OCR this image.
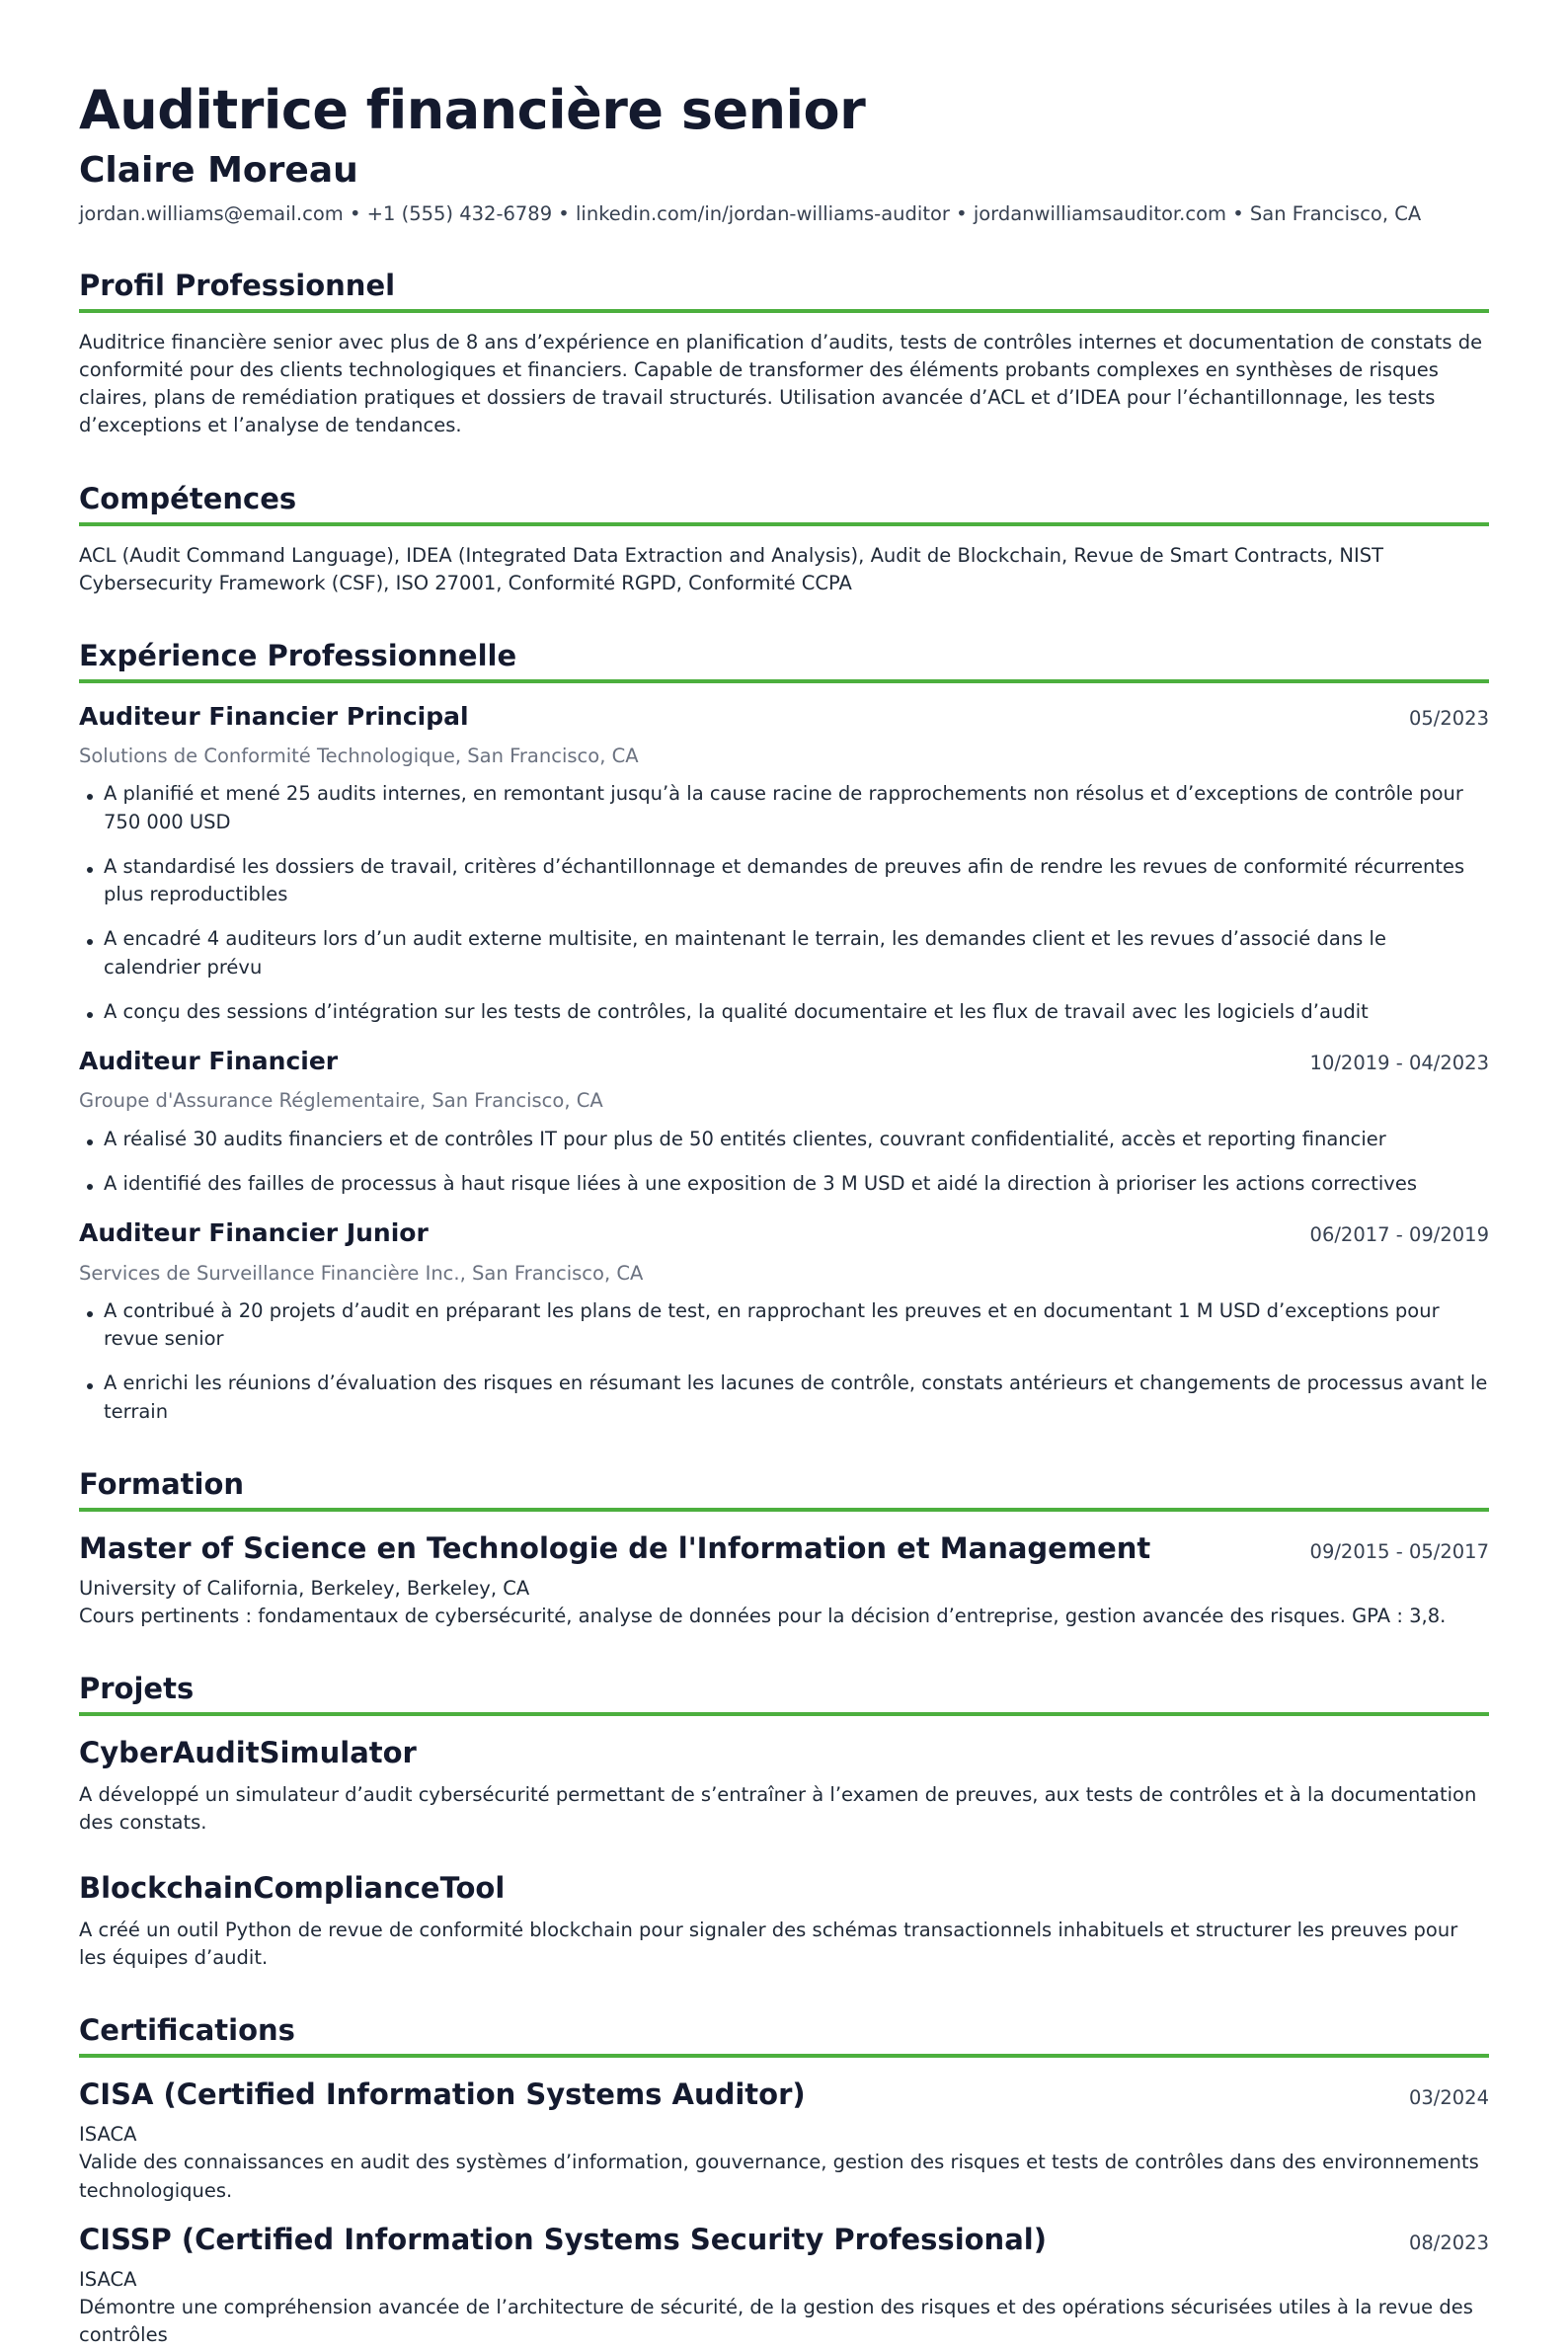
Auditrice financière senior
Claire Moreau
jordan.williams@email.com • +1 (555) 432-6789 • linkedin.com/in/jordan-williams-auditor • jordanwilliamsauditor.com • San Francisco, CA
Profil Professionnel
Auditrice financière senior avec plus de 8 ans d’expérience en planification d’audits, tests de contrôles internes et documentation de constats de conformité pour des clients technologiques et financiers. Capable de transformer des éléments probants complexes en synthèses de risques claires, plans de remédiation pratiques et dossiers de travail structurés. Utilisation avancée d’ACL et d’IDEA pour l’échantillonnage, les tests d’exceptions et l’analyse de tendances.
Compétences
ACL (Audit Command Language), IDEA (Integrated Data Extraction and Analysis), Audit de Blockchain, Revue de Smart Contracts, NIST Cybersecurity Framework (CSF), ISO 27001, Conformité RGPD, Conformité CCPA
Expérience Professionnelle
Auditeur Financier Principal	05/2023
Solutions de Conformité Technologique, San Francisco, CA
A planifié et mené 25 audits internes, en remontant jusqu’à la cause racine de rapprochements non résolus et d’exceptions de contrôle pour 750 000 USD
A standardisé les dossiers de travail, critères d’échantillonnage et demandes de preuves afin de rendre les revues de conformité récurrentes plus reproductibles
A encadré 4 auditeurs lors d’un audit externe multisite, en maintenant le terrain, les demandes client et les revues d’associé dans le calendrier prévu
A conçu des sessions d’intégration sur les tests de contrôles, la qualité documentaire et les flux de travail avec les logiciels d’audit
Auditeur Financier	10/2019 - 04/2023
Groupe d'Assurance Réglementaire, San Francisco, CA
A réalisé 30 audits financiers et de contrôles IT pour plus de 50 entités clientes, couvrant confidentialité, accès et reporting financier
A identifié des failles de processus à haut risque liées à une exposition de 3 M USD et aidé la direction à prioriser les actions correctives
Auditeur Financier Junior	06/2017 - 09/2019
Services de Surveillance Financière Inc., San Francisco, CA
A contribué à 20 projets d’audit en préparant les plans de test, en rapprochant les preuves et en documentant 1 M USD d’exceptions pour revue senior
A enrichi les réunions d’évaluation des risques en résumant les lacunes de contrôle, constats antérieurs et changements de processus avant le terrain
Formation
Master of Science en Technologie de l'Information et Management	09/2015 - 05/2017
University of California, Berkeley, Berkeley, CA
Cours pertinents : fondamentaux de cybersécurité, analyse de données pour la décision d’entreprise, gestion avancée des risques. GPA : 3,8.
Projets
CyberAuditSimulator
A développé un simulateur d’audit cybersécurité permettant de s’entraîner à l’examen de preuves, aux tests de contrôles et à la documentation des constats.
BlockchainComplianceTool
A créé un outil Python de revue de conformité blockchain pour signaler des schémas transactionnels inhabituels et structurer les preuves pour les équipes d’audit.
Certifications
CISA (Certified Information Systems Auditor)	03/2024
ISACA
Valide des connaissances en audit des systèmes d’information, gouvernance, gestion des risques et tests de contrôles dans des environnements technologiques.
CISSP (Certified Information Systems Security Professional)	08/2023
ISACA
Démontre une compréhension avancée de l’architecture de sécurité, de la gestion des risques et des opérations sécurisées utiles à la revue des contrôles
